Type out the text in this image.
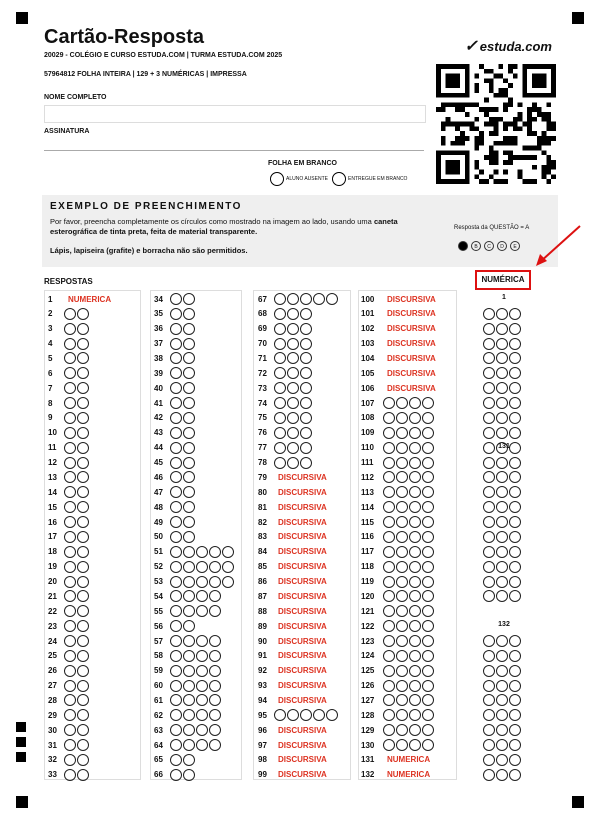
Cartão-Resposta
20029 - COLÉGIO E CURSO ESTUDA.COM | TURMA ESTUDA.COM 2025
57964812 FOLHA INTEIRA | 129 + 3 NUMÉRICAS | IMPRESSA
✓ estuda.com
NOME COMPLETO
ASSINATURA
FOLHA EM BRANCO
ALUNO AUSENTE	ENTREGUE EM BRANCO
EXEMPLO DE PREENCHIMENTO
Por favor, preencha completamente os círculos como mostrado na imagem ao lado, usando uma caneta esterográfica de tinta preta, feita de material transparente.
Lápis, lapiseira (grafite) e borracha não são permitidos.
Resposta da QUESTÃO = A
B	C	D	E
RESPOSTAS	NUMÉRICA
1	NUMERICA
2
3
4
5
6
7
8
9
10
11
12
13
14
15
16
17
18
19
20
21
22
23
24
25
26
27
28
29
30
31
32
33
34
35
36
37
38
39
40
41
42
43
44
45
46
47
48
49
50
51
52
53
54
55
56
57
58
59
60
61
62
63
64
65
66
67
68
69
70
71
72
73
74
75
76
77
78
79	DISCURSIVA
80	DISCURSIVA
81	DISCURSIVA
82	DISCURSIVA
83	DISCURSIVA
84	DISCURSIVA
85	DISCURSIVA
86	DISCURSIVA
87	DISCURSIVA
88	DISCURSIVA
89	DISCURSIVA
90	DISCURSIVA
91	DISCURSIVA
92	DISCURSIVA
93	DISCURSIVA
94	DISCURSIVA
95
96	DISCURSIVA
97	DISCURSIVA
98	DISCURSIVA
99	DISCURSIVA
100	DISCURSIVA
101	DISCURSIVA
102	DISCURSIVA
103	DISCURSIVA
104	DISCURSIVA
105	DISCURSIVA
106	DISCURSIVA
107
108
109
110
111
112
113
114
115
116
117
118
119
120
121
122
123
124
125
126
127
128
129
130
131	NUMERICA
132	NUMERICA
1
131
132
